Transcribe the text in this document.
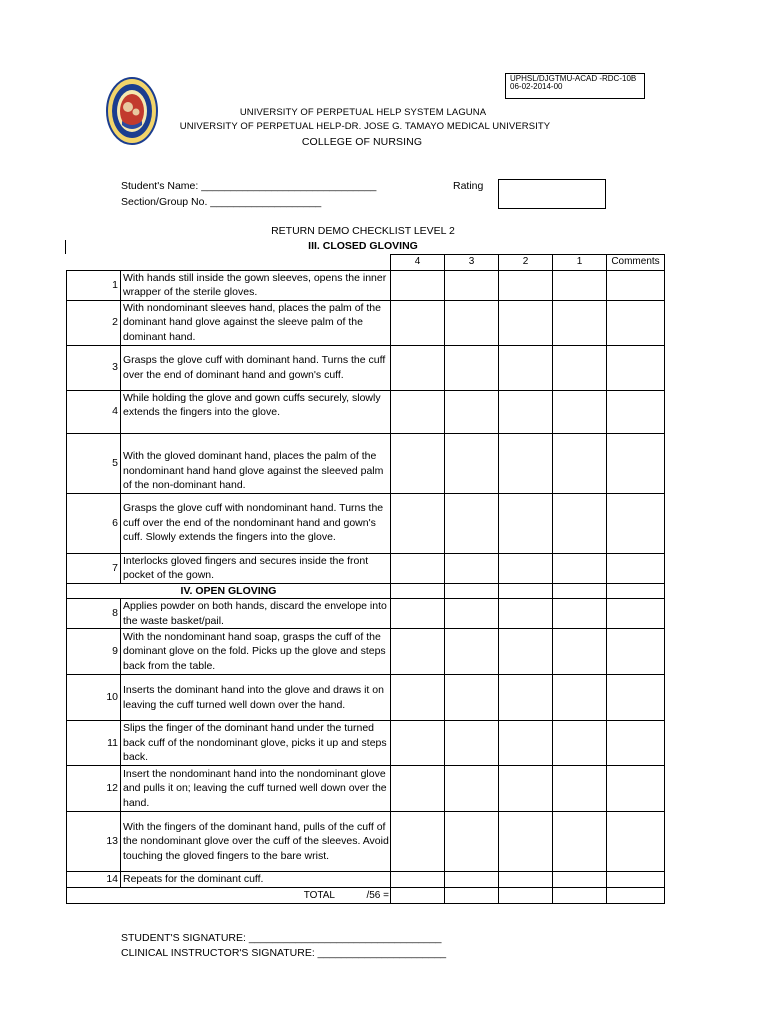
UPHSL/DJGTMU-ACAD -RDC-10B
06-02-2014-00
UNIVERSITY OF PERPETUAL HELP SYSTEM LAGUNA
UNIVERSITY OF PERPETUAL HELP-DR. JOSE G. TAMAYO MEDICAL UNIVERSITY
COLLEGE OF NURSING
Student's Name: ______________________________
Section/Group No. ___________________
Rating
RETURN DEMO CHECKLIST LEVEL 2
III. CLOSED GLOVING
		4	3	2	1	Comments
1	With hands still inside the gown sleeves, opens the inner wrapper of the sterile gloves.					
2	With nondominant sleeves hand, places the palm of the dominant hand glove against the sleeve palm of the dominant hand.					
3	Grasps the glove cuff with dominant hand. Turns the cuff over the end of dominant hand and gown's cuff.					
4	While holding the glove and gown cuffs securely, slowly extends the fingers into the glove.					
5	With the gloved dominant hand, places the palm of the nondominant hand hand glove against the sleeved palm of the non-dominant hand.					
6	Grasps the glove cuff with nondominant hand. Turns the cuff over the end of the nondominant hand and gown's cuff. Slowly extends the fingers into the glove.					
7	Interlocks gloved fingers and secures inside the front pocket of the gown.					
IV. OPEN GLOVING						
8	Applies powder on both hands, discard the envelope into the waste basket/pail.					
9	With the nondominant hand soap, grasps the cuff of the dominant glove on the fold. Picks up the glove and steps back from the table.					
10	Inserts the dominant hand into the glove and draws it on leaving the cuff turned well down over the hand.					
11	Slips the finger of the dominant hand under the turned back cuff of the nondominant glove, picks it up and steps back.					
12	Insert the nondominant hand into the nondominant glove and pulls it on; leaving the cuff turned well down over the hand.					
13	With the fingers of the dominant hand, pulls of the cuff of the nondominant glove over the cuff of the sleeves. Avoid touching the gloved fingers to the bare wrist.					
14	Repeats for the dominant cuff.					
TOTAL /56 =						
STUDENT'S SIGNATURE: _________________________________
CLINICAL INSTRUCTOR'S SIGNATURE: ______________________
